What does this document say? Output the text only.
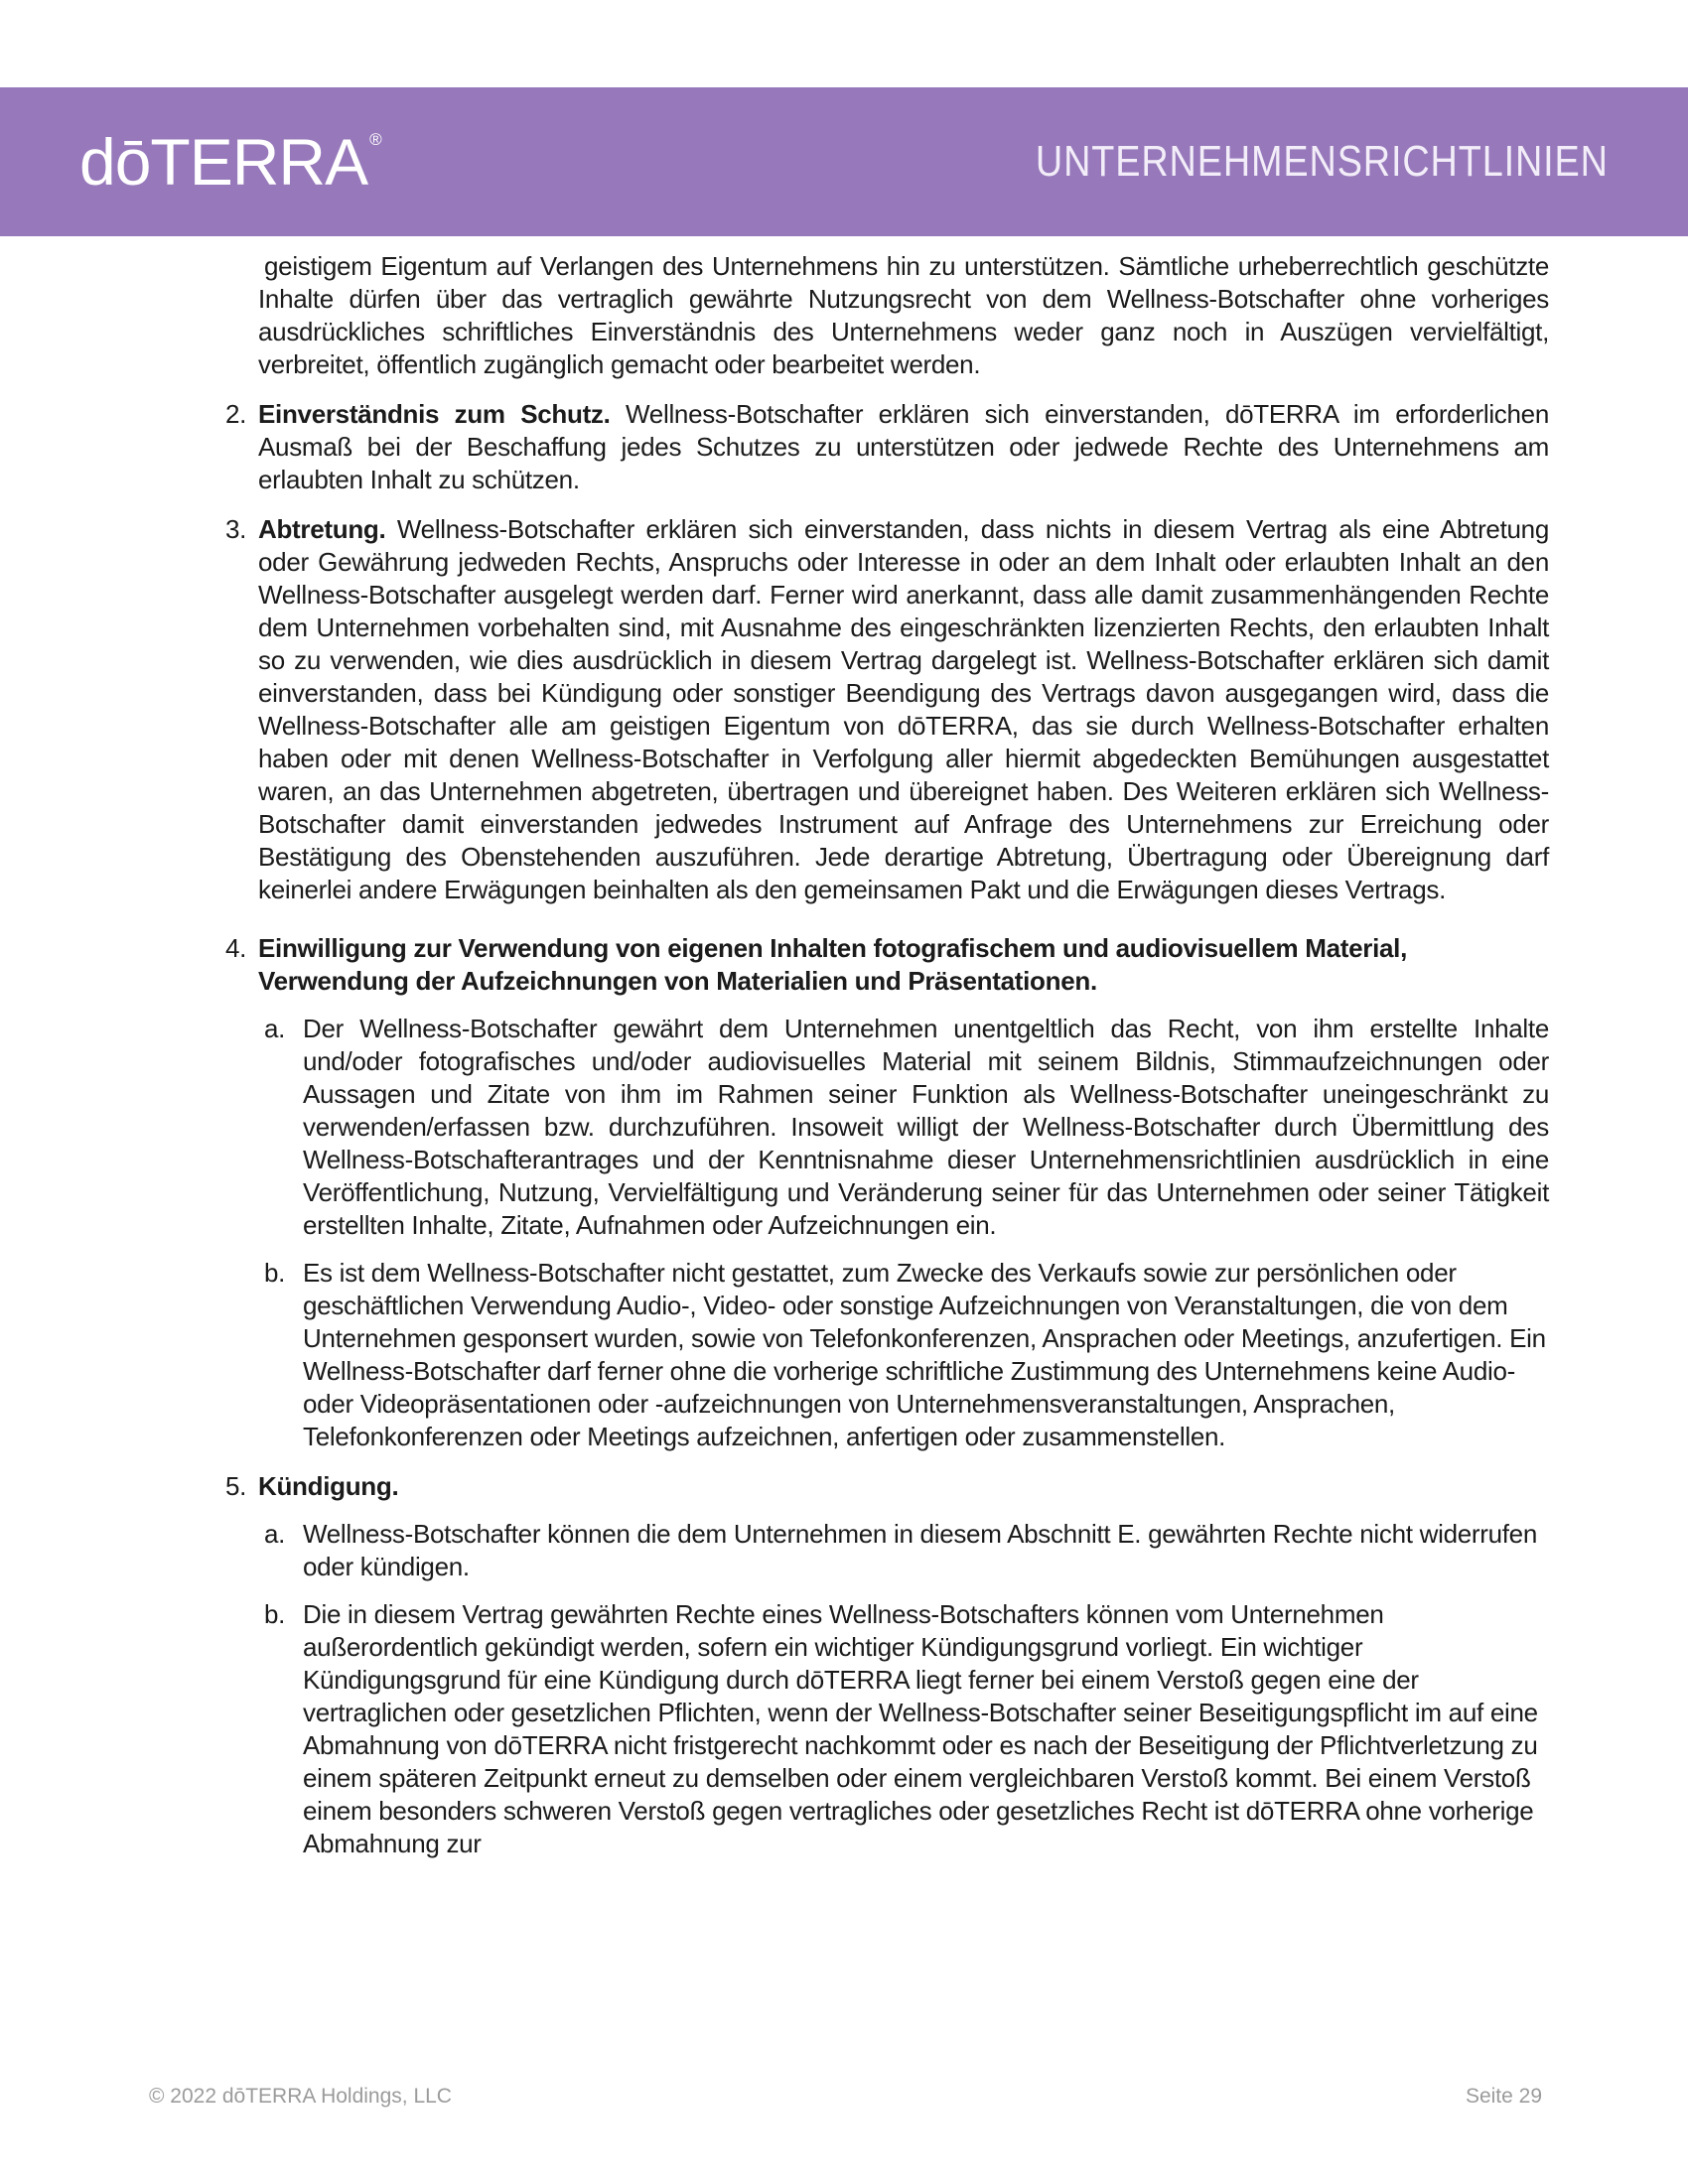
dōTERRA ®	UNTERNEHMENSRICHTLINIEN

geistigem Eigentum auf Verlangen des Unternehmens hin zu unterstützen. Sämtliche urheberrechtlich geschützte Inhalte dürfen über das vertraglich gewährte Nutzungsrecht von dem Wellness-Botschafter ohne vorheriges ausdrückliches schriftliches Einverständnis des Unternehmens weder ganz noch in Auszügen vervielfältigt, verbreitet, öffentlich zugänglich gemacht oder bearbeitet werden.

2. Einverständnis zum Schutz. Wellness-Botschafter erklären sich einverstanden, dōTERRA im erforderlichen Ausmaß bei der Beschaffung jedes Schutzes zu unterstützen oder jedwede Rechte des Unternehmens am erlaubten Inhalt zu schützen.

3. Abtretung. Wellness-Botschafter erklären sich einverstanden, dass nichts in diesem Vertrag als eine Abtretung oder Gewährung jedweden Rechts, Anspruchs oder Interesse in oder an dem Inhalt oder erlaubten Inhalt an den Wellness-Botschafter ausgelegt werden darf. Ferner wird anerkannt, dass alle damit zusammenhängenden Rechte dem Unternehmen vorbehalten sind, mit Ausnahme des eingeschränkten lizenzierten Rechts, den erlaubten Inhalt so zu verwenden, wie dies ausdrücklich in diesem Vertrag dargelegt ist. Wellness-Botschafter erklären sich damit einverstanden, dass bei Kündigung oder sonstiger Beendigung des Vertrags davon ausgegangen wird, dass die Wellness-Botschafter alle am geistigen Eigentum von dōTERRA, das sie durch Wellness-Botschafter erhalten haben oder mit denen Wellness-Botschafter in Verfolgung aller hiermit abgedeckten Bemühungen ausgestattet waren, an das Unternehmen abgetreten, übertragen und übereignet haben. Des Weiteren erklären sich Wellness-Botschafter damit einverstanden jedwedes Instrument auf Anfrage des Unternehmens zur Erreichung oder Bestätigung des Obenstehenden auszuführen. Jede derartige Abtretung, Übertragung oder Übereignung darf keinerlei andere Erwägungen beinhalten als den gemeinsamen Pakt und die Erwägungen dieses Vertrags.

4. Einwilligung zur Verwendung von eigenen Inhalten fotografischem und audiovisuellem Material, Verwendung der Aufzeichnungen von Materialien und Präsentationen.

a. Der Wellness-Botschafter gewährt dem Unternehmen unentgeltlich das Recht, von ihm erstellte Inhalte und/oder fotografisches und/oder audiovisuelles Material mit seinem Bildnis, Stimmaufzeichnungen oder Aussagen und Zitate von ihm im Rahmen seiner Funktion als Wellness-Botschafter uneingeschränkt zu verwenden/erfassen bzw. durchzuführen. Insoweit willigt der Wellness-Botschafter durch Übermittlung des Wellness-Botschafterantrages und der Kenntnisnahme dieser Unternehmensrichtlinien ausdrücklich in eine Veröffentlichung, Nutzung, Vervielfältigung und Veränderung seiner für das Unternehmen oder seiner Tätigkeit erstellten Inhalte, Zitate, Aufnahmen oder Aufzeichnungen ein.

b. Es ist dem Wellness-Botschafter nicht gestattet, zum Zwecke des Verkaufs sowie zur persönlichen oder geschäftlichen Verwendung Audio-, Video- oder sonstige Aufzeichnungen von Veranstaltungen, die von dem Unternehmen gesponsert wurden, sowie von Telefonkonferenzen, Ansprachen oder Meetings, anzufertigen. Ein Wellness-Botschafter darf ferner ohne die vorherige schriftliche Zustimmung des Unternehmens keine Audio- oder Videopräsentationen oder -aufzeichnungen von Unternehmensveranstaltungen, Ansprachen, Telefonkonferenzen oder Meetings aufzeichnen, anfertigen oder zusammenstellen.

5. Kündigung.

a. Wellness-Botschafter können die dem Unternehmen in diesem Abschnitt E. gewährten Rechte nicht widerrufen oder kündigen.

b. Die in diesem Vertrag gewährten Rechte eines Wellness-Botschafters können vom Unternehmen außerordentlich gekündigt werden, sofern ein wichtiger Kündigungsgrund vorliegt. Ein wichtiger Kündigungsgrund für eine Kündigung durch dōTERRA liegt ferner bei einem Verstoß gegen eine der vertraglichen oder gesetzlichen Pflichten, wenn der Wellness-Botschafter seiner Beseitigungspflicht im auf eine Abmahnung von dōTERRA nicht fristgerecht nachkommt oder es nach der Beseitigung der Pflichtverletzung zu einem späteren Zeitpunkt erneut zu demselben oder einem vergleichbaren Verstoß kommt. Bei einem Verstoß einem besonders schweren Verstoß gegen vertragliches oder gesetzliches Recht ist dōTERRA ohne vorherige Abmahnung zur

© 2022 dōTERRA Holdings, LLC	Seite 29
